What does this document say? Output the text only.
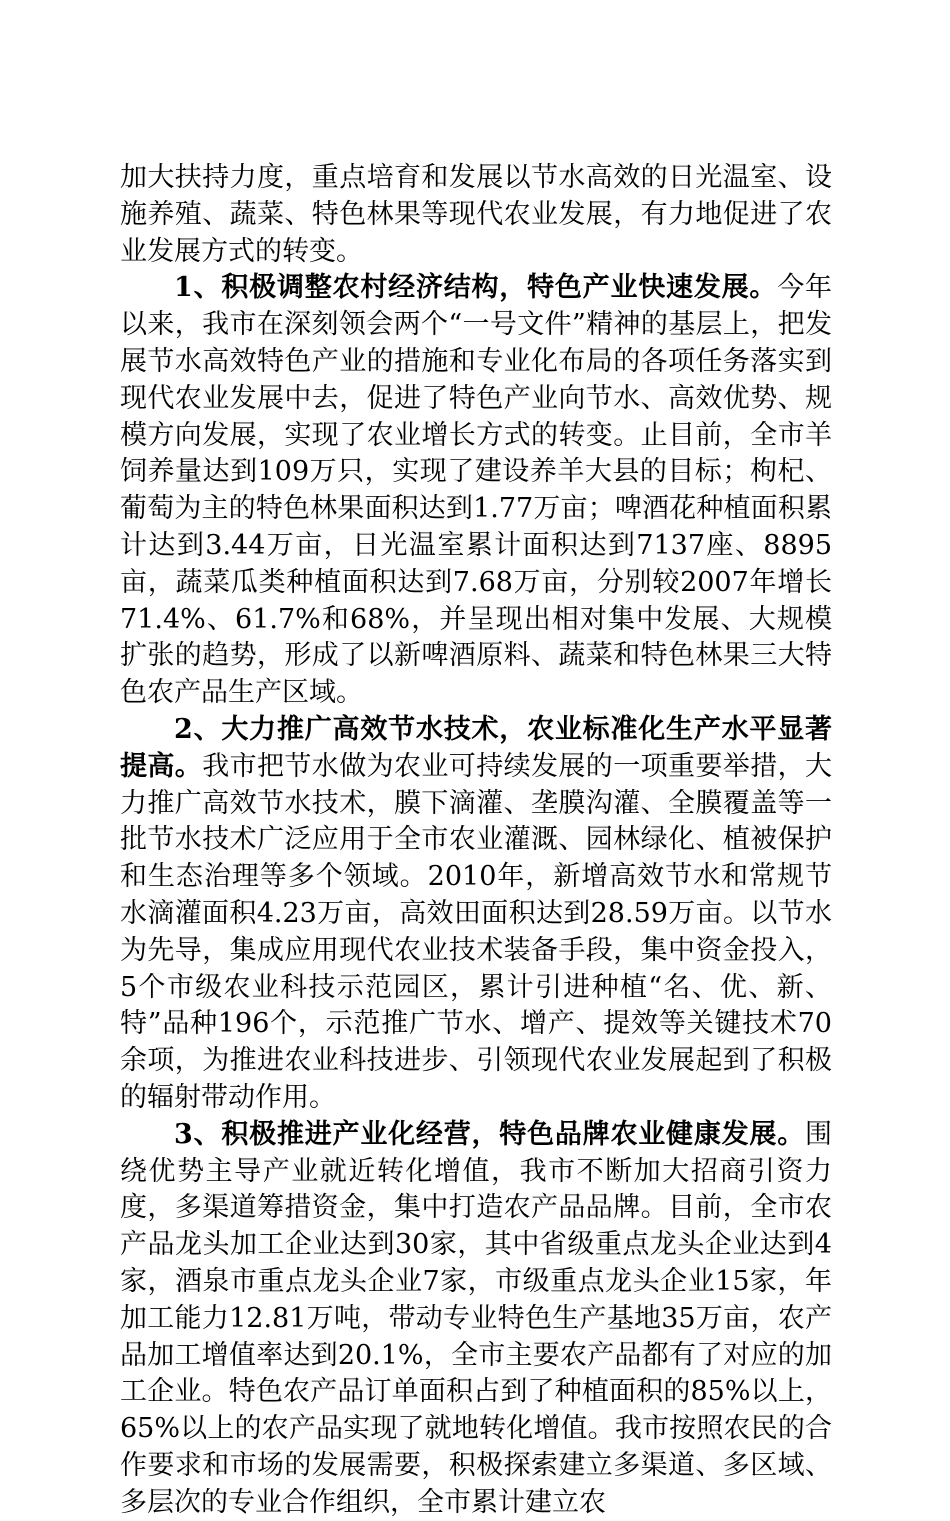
加大扶持力度，重点培育和发展以节水高效的日光温室、设施养殖、蔬菜、特色林果等现代农业发展，有力地促进了农业发展方式的转变。

1、积极调整农村经济结构，特色产业快速发展。今年以来，我市在深刻领会两个“一号文件”精神的基层上，把发展节水高效特色产业的措施和专业化布局的各项任务落实到现代农业发展中去，促进了特色产业向节水、高效优势、规模方向发展，实现了农业增长方式的转变。止目前，全市羊饲养量达到109万只，实现了建设养羊大县的目标；枸杞、葡萄为主的特色林果面积达到1.77万亩；啤酒花种植面积累计达到3.44万亩，日光温室累计面积达到7137座、8895亩，蔬菜瓜类种植面积达到7.68万亩，分别较2007年增长71.4%、61.7%和68%，并呈现出相对集中发展、大规模扩张的趋势，形成了以新啤酒原料、蔬菜和特色林果三大特色农产品生产区域。

2、大力推广高效节水技术，农业标准化生产水平显著提高。我市把节水做为农业可持续发展的一项重要举措，大力推广高效节水技术，膜下滴灌、垄膜沟灌、全膜覆盖等一批节水技术广泛应用于全市农业灌溉、园林绿化、植被保护和生态治理等多个领域。2010年，新增高效节水和常规节水滴灌面积4.23万亩，高效田面积达到28.59万亩。以节水为先导，集成应用现代农业技术装备手段，集中资金投入， 5个市级农业科技示范园区，累计引进种植“名、优、新、特”品种196个，示范推广节水、增产、提效等关键技术70余项，为推进农业科技进步、引领现代农业发展起到了积极的辐射带动作用。

3、积极推进产业化经营，特色品牌农业健康发展。围绕优势主导产业就近转化增值，我市不断加大招商引资力度，多渠道筹措资金，集中打造农产品品牌。目前，全市农产品龙头加工企业达到30家，其中省级重点龙头企业达到4家，酒泉市重点龙头企业7家，市级重点龙头企业15家，年加工能力12.81万吨，带动专业特色生产基地35万亩，农产品加工增值率达到20.1%，全市主要农产品都有了对应的加工企业。特色农产品订单面积占到了种植面积的85%以上，65%以上的农产品实现了就地转化增值。我市按照农民的合作要求和市场的发展需要，积极探索建立多渠道、多区域、多层次的专业合作组织，全市累计建立农
